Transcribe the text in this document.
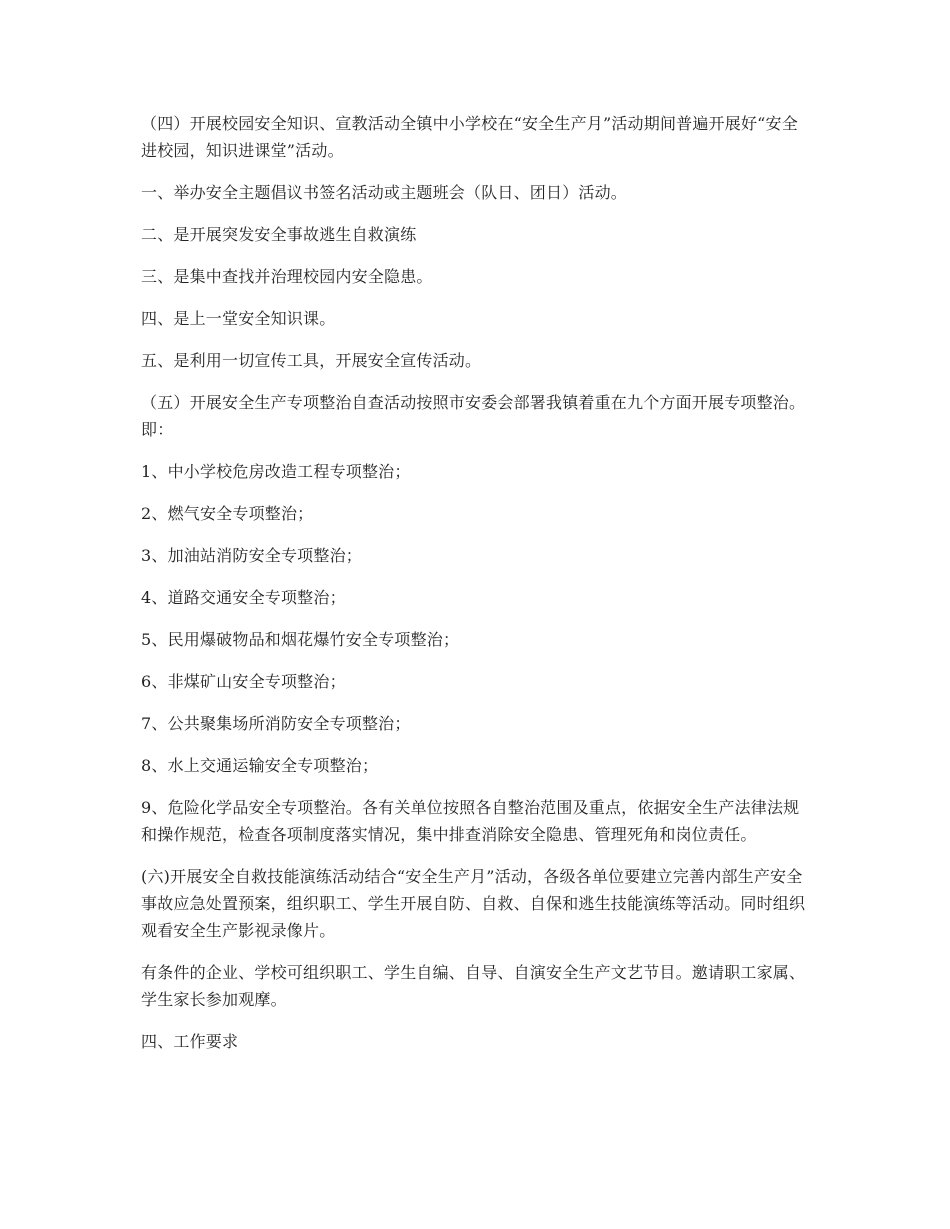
（四）开展校园安全知识、宣教活动全镇中小学校在“安全生产月”活动期间普遍开展好“安全进校园，知识进课堂”活动。

一、举办安全主题倡议书签名活动或主题班会（队日、团日）活动。

二、是开展突发安全事故逃生自救演练

三、是集中查找并治理校园内安全隐患。

四、是上一堂安全知识课。

五、是利用一切宣传工具，开展安全宣传活动。

（五）开展安全生产专项整治自查活动按照市安委会部署我镇着重在九个方面开展专项整治。即：

1、中小学校危房改造工程专项整治；

2、燃气安全专项整治；

3、加油站消防安全专项整治；

4、道路交通安全专项整治；

5、民用爆破物品和烟花爆竹安全专项整治；

6、非煤矿山安全专项整治；

7、公共聚集场所消防安全专项整治；

8、水上交通运输安全专项整治；

9、危险化学品安全专项整治。各有关单位按照各自整治范围及重点，依据安全生产法律法规和操作规范，检查各项制度落实情况，集中排查消除安全隐患、管理死角和岗位责任。

(六)开展安全自救技能演练活动结合“安全生产月”活动，各级各单位要建立完善内部生产安全事故应急处置预案，组织职工、学生开展自防、自救、自保和逃生技能演练等活动。同时组织观看安全生产影视录像片。

有条件的企业、学校可组织职工、学生自编、自导、自演安全生产文艺节目。邀请职工家属、学生家长参加观摩。

四、工作要求
